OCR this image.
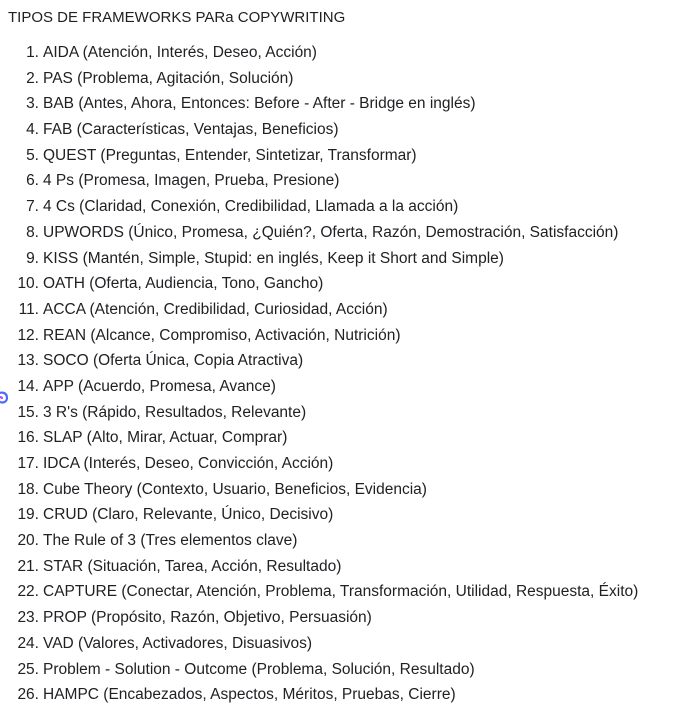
TIPOS DE FRAMEWORKS PARa COPYWRITING
1. AIDA (Atención, Interés, Deseo, Acción)
2. PAS (Problema, Agitación, Solución)
3. BAB (Antes, Ahora, Entonces: Before - After - Bridge en inglés)
4. FAB (Características, Ventajas, Beneficios)
5. QUEST (Preguntas, Entender, Sintetizar, Transformar)
6. 4 Ps (Promesa, Imagen, Prueba, Presione)
7. 4 Cs (Claridad, Conexión, Credibilidad, Llamada a la acción)
8. UPWORDS (Único, Promesa, ¿Quién?, Oferta, Razón, Demostración, Satisfacción)
9. KISS (Mantén, Simple, Stupid: en inglés, Keep it Short and Simple)
10. OATH (Oferta, Audiencia, Tono, Gancho)
11. ACCA (Atención, Credibilidad, Curiosidad, Acción)
12. REAN (Alcance, Compromiso, Activación, Nutrición)
13. SOCO (Oferta Única, Copia Atractiva)
14. APP (Acuerdo, Promesa, Avance)
15. 3 R's (Rápido, Resultados, Relevante)
16. SLAP (Alto, Mirar, Actuar, Comprar)
17. IDCA (Interés, Deseo, Convicción, Acción)
18. Cube Theory (Contexto, Usuario, Beneficios, Evidencia)
19. CRUD (Claro, Relevante, Único, Decisivo)
20. The Rule of 3 (Tres elementos clave)
21. STAR (Situación, Tarea, Acción, Resultado)
22. CAPTURE (Conectar, Atención, Problema, Transformación, Utilidad, Respuesta, Éxito)
23. PROP (Propósito, Razón, Objetivo, Persuasión)
24. VAD (Valores, Activadores, Disuasivos)
25. Problem - Solution - Outcome (Problema, Solución, Resultado)
26. HAMPC (Encabezados, Aspectos, Méritos, Pruebas, Cierre)
